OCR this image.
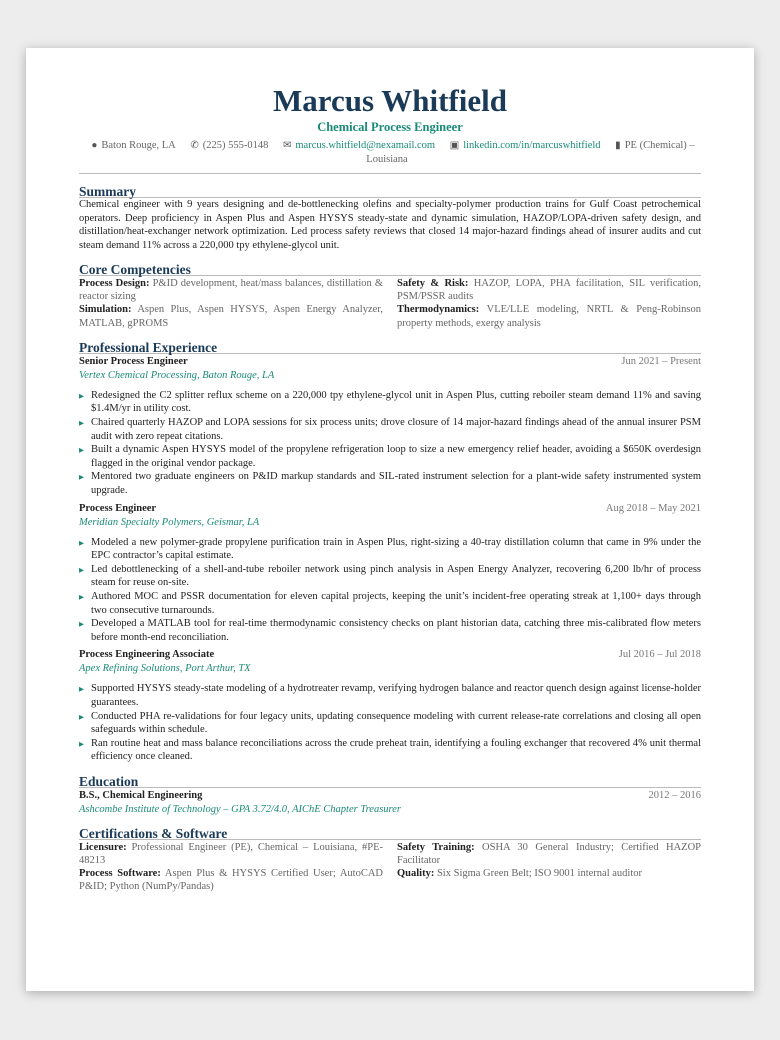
Marcus Whitfield
Chemical Process Engineer
● Baton Rouge, LA ✆ (225) 555-0148 ✉ marcus.whitfield@nexamail.com ▣ linkedin.com/in/marcuswhitfield ▮ PE (Chemical) – Louisiana
Summary
Chemical engineer with 9 years designing and de-bottlenecking olefins and specialty-polymer production trains for Gulf Coast petrochemical operators. Deep proficiency in Aspen Plus and Aspen HYSYS steady-state and dynamic simulation, HAZOP/LOPA-driven safety design, and distillation/heat-exchanger network optimization. Led process safety reviews that closed 14 major-hazard findings ahead of insurer audits and cut steam demand 11% across a 220,000 tpy ethylene-glycol unit.
Core Competencies
Process Design: P&ID development, heat/mass balances, distillation & reactor sizing
Safety & Risk: HAZOP, LOPA, PHA facilitation, SIL verification, PSM/PSSR audits
Simulation: Aspen Plus, Aspen HYSYS, Aspen Energy Analyzer, MATLAB, gPROMS
Thermodynamics: VLE/LLE modeling, NRTL & Peng-Robinson property methods, exergy analysis
Professional Experience
Senior Process Engineer	Jun 2021 – Present
Vertex Chemical Processing, Baton Rouge, LA
▶ Redesigned the C2 splitter reflux scheme on a 220,000 tpy ethylene-glycol unit in Aspen Plus, cutting reboiler steam demand 11% and saving $1.4M/yr in utility cost.
▶ Chaired quarterly HAZOP and LOPA sessions for six process units; drove closure of 14 major-hazard findings ahead of the annual insurer PSM audit with zero repeat citations.
▶ Built a dynamic Aspen HYSYS model of the propylene refrigeration loop to size a new emergency relief header, avoiding a $650K overdesign flagged in the original vendor package.
▶ Mentored two graduate engineers on P&ID markup standards and SIL-rated instrument selection for a plant-wide safety instrumented system upgrade.
Process Engineer	Aug 2018 – May 2021
Meridian Specialty Polymers, Geismar, LA
▶ Modeled a new polymer-grade propylene purification train in Aspen Plus, right-sizing a 40-tray distillation column that came in 9% under the EPC contractor’s capital estimate.
▶ Led debottlenecking of a shell-and-tube reboiler network using pinch analysis in Aspen Energy Analyzer, recovering 6,200 lb/hr of process steam for reuse on-site.
▶ Authored MOC and PSSR documentation for eleven capital projects, keeping the unit’s incident-free operating streak at 1,100+ days through two consecutive turnarounds.
▶ Developed a MATLAB tool for real-time thermodynamic consistency checks on plant historian data, catching three mis-calibrated flow meters before month-end reconciliation.
Process Engineering Associate	Jul 2016 – Jul 2018
Apex Refining Solutions, Port Arthur, TX
▶ Supported HYSYS steady-state modeling of a hydrotreater revamp, verifying hydrogen balance and reactor quench design against license-holder guarantees.
▶ Conducted PHA re-validations for four legacy units, updating consequence modeling with current release-rate correlations and closing all open safeguards within schedule.
▶ Ran routine heat and mass balance reconciliations across the crude preheat train, identifying a fouling exchanger that recovered 4% unit thermal efficiency once cleaned.
Education
B.S., Chemical Engineering	2012 – 2016
Ashcombe Institute of Technology – GPA 3.72/4.0, AIChE Chapter Treasurer
Certifications & Software
Licensure: Professional Engineer (PE), Chemical – Louisiana, #PE-48213
Safety Training: OSHA 30 General Industry; Certified HAZOP Facilitator
Process Software: Aspen Plus & HYSYS Certified User; AutoCAD P&ID; Python (NumPy/Pandas)
Quality: Six Sigma Green Belt; ISO 9001 internal auditor
